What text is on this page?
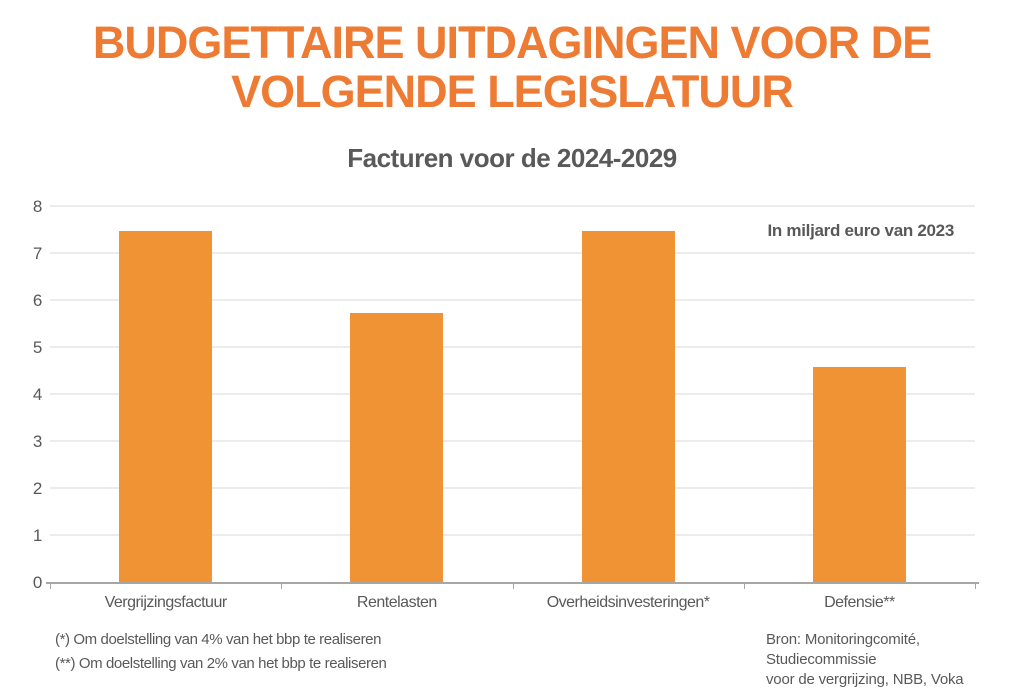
BUDGETTAIRE UITDAGINGEN VOOR DE
VOLGENDE LEGISLATUUR
Facturen voor de 2024-2029
In miljard euro van 2023
0
1
2
3
4
5
6
7
8
Vergrijzingsfactuur	Rentelasten	Overheidsinvesteringen*	Defensie**
(*) Om doelstelling van 4% van het bbp te realiseren
(**) Om doelstelling van 2% van het bbp te realiseren
Bron: Monitoringcomité, Studiecommissie
voor de vergrijzing, NBB, Voka
